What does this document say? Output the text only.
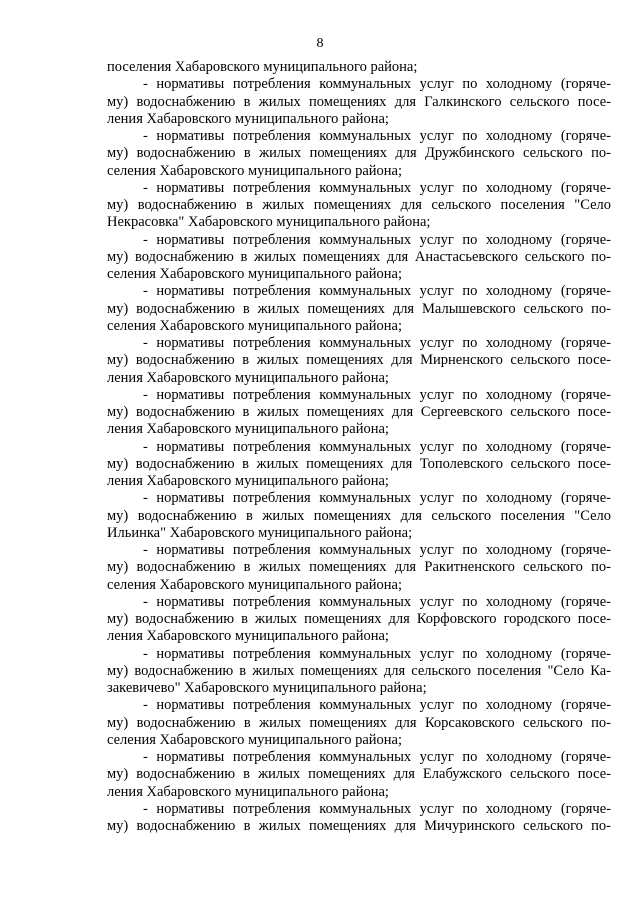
8
поселения Хабаровского муниципального района;
- нормативы потребления коммунальных услуг по холодному (горяче-
му) водоснабжению в жилых помещениях для Галкинского сельского посе-
ления Хабаровского муниципального района;
- нормативы потребления коммунальных услуг по холодному (горяче-
му) водоснабжению в жилых помещениях для Дружбинского сельского по-
селения Хабаровского муниципального района;
- нормативы потребления коммунальных услуг по холодному (горяче-
му) водоснабжению в жилых помещениях для сельского поселения "Село
Некрасовка" Хабаровского муниципального района;
- нормативы потребления коммунальных услуг по холодному (горяче-
му) водоснабжению в жилых помещениях для Анастасьевского сельского по-
селения Хабаровского муниципального района;
- нормативы потребления коммунальных услуг по холодному (горяче-
му) водоснабжению в жилых помещениях для Малышевского сельского по-
селения Хабаровского муниципального района;
- нормативы потребления коммунальных услуг по холодному (горяче-
му) водоснабжению в жилых помещениях для Мирненского сельского посе-
ления Хабаровского муниципального района;
- нормативы потребления коммунальных услуг по холодному (горяче-
му) водоснабжению в жилых помещениях для Сергеевского сельского посе-
ления Хабаровского муниципального района;
- нормативы потребления коммунальных услуг по холодному (горяче-
му) водоснабжению в жилых помещениях для Тополевского сельского посе-
ления Хабаровского муниципального района;
- нормативы потребления коммунальных услуг по холодному (горяче-
му) водоснабжению в жилых помещениях для сельского поселения "Село
Ильинка" Хабаровского муниципального района;
- нормативы потребления коммунальных услуг по холодному (горяче-
му) водоснабжению в жилых помещениях для Ракитненского сельского по-
селения Хабаровского муниципального района;
- нормативы потребления коммунальных услуг по холодному (горяче-
му) водоснабжению в жилых помещениях для Корфовского городского посе-
ления Хабаровского муниципального района;
- нормативы потребления коммунальных услуг по холодному (горяче-
му) водоснабжению в жилых помещениях для сельского поселения "Село Ка-
закевичево" Хабаровского муниципального района;
- нормативы потребления коммунальных услуг по холодному (горяче-
му) водоснабжению в жилых помещениях для Корсаковского сельского по-
селения Хабаровского муниципального района;
- нормативы потребления коммунальных услуг по холодному (горяче-
му) водоснабжению в жилых помещениях для Елабужского сельского посе-
ления Хабаровского муниципального района;
- нормативы потребления коммунальных услуг по холодному (горяче-
му) водоснабжению в жилых помещениях для Мичуринского сельского по-
